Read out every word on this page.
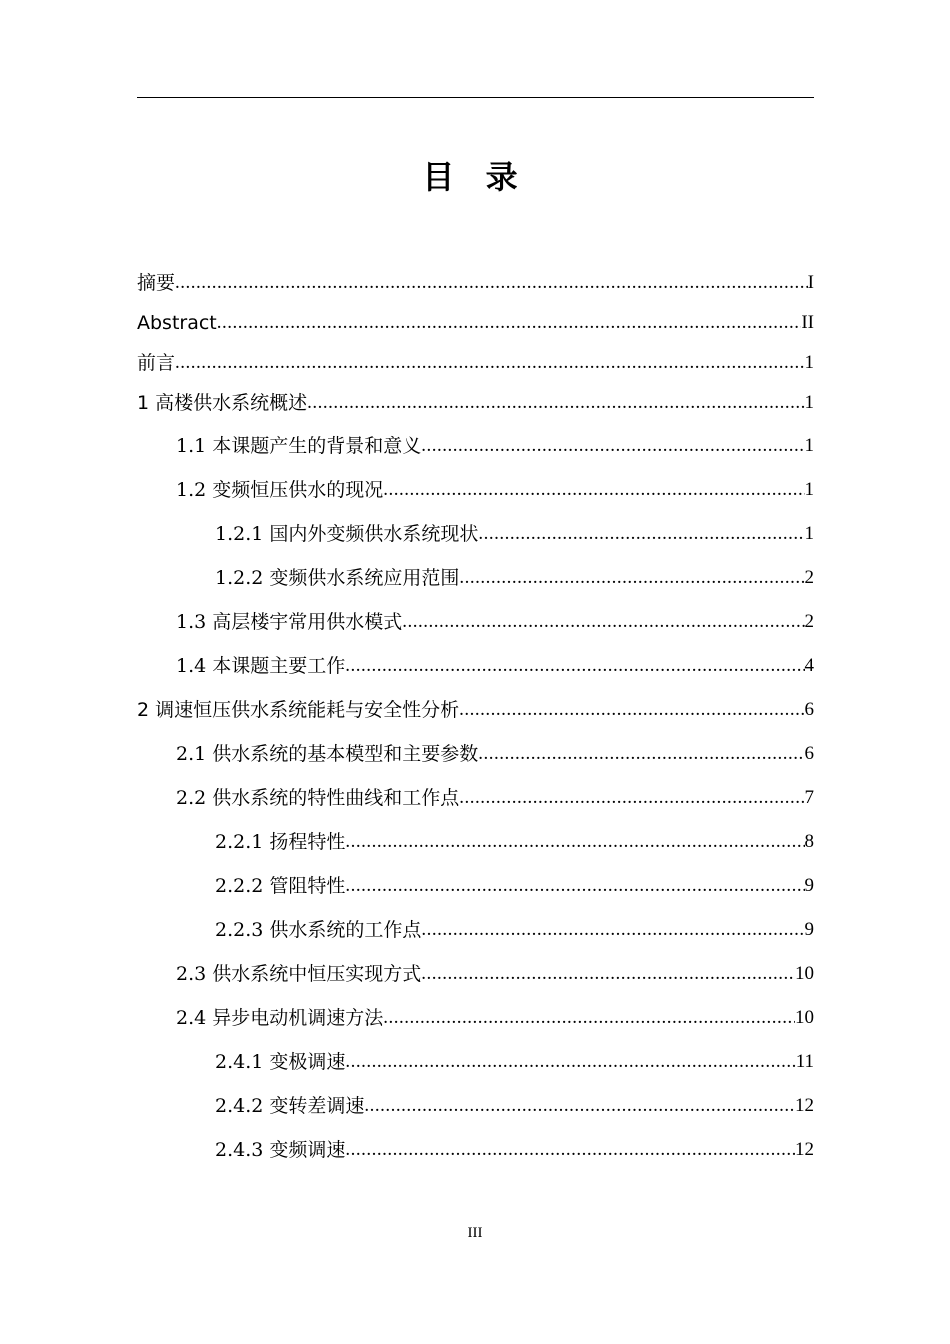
目 录
摘要 .....	I
Abstract .....	II
前言 .....	1
1 高楼供水系统概述 .....	1
1.1 本课题产生的背景和意义 .....	1
1.2 变频恒压供水的现况 .....	1
1.2.1 国内外变频供水系统现状 .....	1
1.2.2 变频供水系统应用范围 .....	2
1.3 高层楼宇常用供水模式 .....	2
1.4 本课题主要工作 .....	4
2 调速恒压供水系统能耗与安全性分析 .....	6
2.1 供水系统的基本模型和主要参数 .....	6
2.2 供水系统的特性曲线和工作点 .....	7
2.2.1 扬程特性 .....	8
2.2.2 管阻特性 .....	9
2.2.3 供水系统的工作点 .....	9
2.3 供水系统中恒压实现方式 .....	10
2.4 异步电动机调速方法 .....	10
2.4.1 变极调速 .....	11
2.4.2 变转差调速 .....	12
2.4.3 变频调速 .....	12
III
